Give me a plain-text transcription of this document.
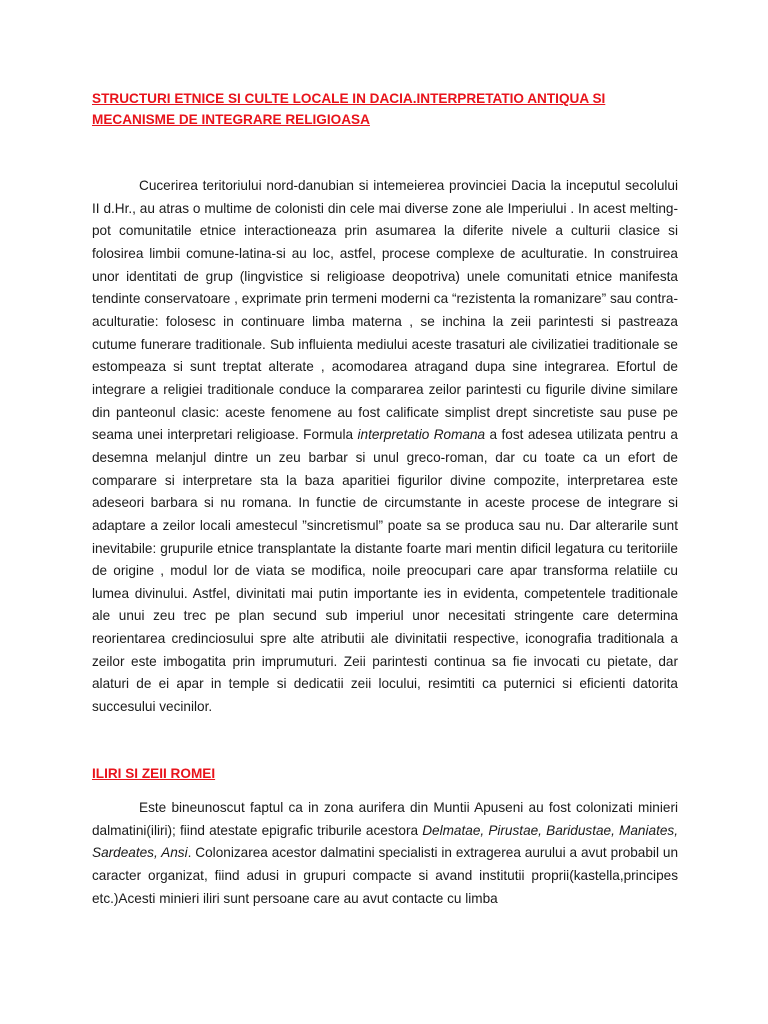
STRUCTURI ETNICE SI CULTE LOCALE IN DACIA.INTERPRETATIO ANTIQUA SI MECANISME DE INTEGRARE RELIGIOASA

Cucerirea teritoriului nord-danubian si intemeierea provinciei Dacia la inceputul secolului II d.Hr., au atras o multime de colonisti din cele mai diverse zone ale Imperiului . In acest melting-pot comunitatile etnice interactioneaza prin asumarea la diferite nivele a culturii clasice si folosirea limbii comune-latina-si au loc, astfel, procese complexe de aculturatie. In construirea unor identitati de grup (lingvistice si religioase deopotriva) unele comunitati etnice manifesta tendinte conservatoare , exprimate prin termeni moderni ca “rezistenta la romanizare” sau contra-aculturatie: folosesc in continuare limba materna , se inchina la zeii parintesti si pastreaza cutume funerare traditionale. Sub influienta mediului aceste trasaturi ale civilizatiei traditionale se estompeaza si sunt treptat alterate , acomodarea atragand dupa sine integrarea. Efortul de integrare a religiei traditionale conduce la compararea zeilor parintesti cu figurile divine similare din panteonul clasic: aceste fenomene au fost calificate simplist drept sincretiste sau puse pe seama unei interpretari religioase. Formula interpretatio Romana a fost adesea utilizata pentru a desemna melanjul dintre un zeu barbar si unul greco-roman, dar cu toate ca un efort de comparare si interpretare sta la baza aparitiei figurilor divine compozite, interpretarea este adeseori barbara si nu romana. In functie de circumstante in aceste procese de integrare si adaptare a zeilor locali amestecul ”sincretismul” poate sa se produca sau nu. Dar alterarile sunt inevitabile: grupurile etnice transplantate la distante foarte mari mentin dificil legatura cu teritoriile de origine , modul lor de viata se modifica, noile preocupari care apar transforma relatiile cu lumea divinului. Astfel, divinitati mai putin importante ies in evidenta, competentele traditionale ale unui zeu trec pe plan secund sub imperiul unor necesitati stringente care determina reorientarea credinciosului spre alte atributii ale divinitatii respective, iconografia traditionala a zeilor este imbogatita prin imprumuturi. Zeii parintesti continua sa fie invocati cu pietate, dar alaturi de ei apar in temple si dedicatii zeii locului, resimtiti ca puternici si eficienti datorita succesului vecinilor.

ILIRI SI ZEII ROMEI

Este bineunoscut faptul ca in zona aurifera din Muntii Apuseni au fost colonizati minieri dalmatini(iliri); fiind atestate epigrafic triburile acestora Delmatae, Pirustae, Baridustae, Maniates, Sardeates, Ansi. Colonizarea acestor dalmatini specialisti in extragerea aurului a avut probabil un caracter organizat, fiind adusi in grupuri compacte si avand institutii proprii(kastella,principes etc.)Acesti minieri iliri sunt persoane care au avut contacte cu limba
